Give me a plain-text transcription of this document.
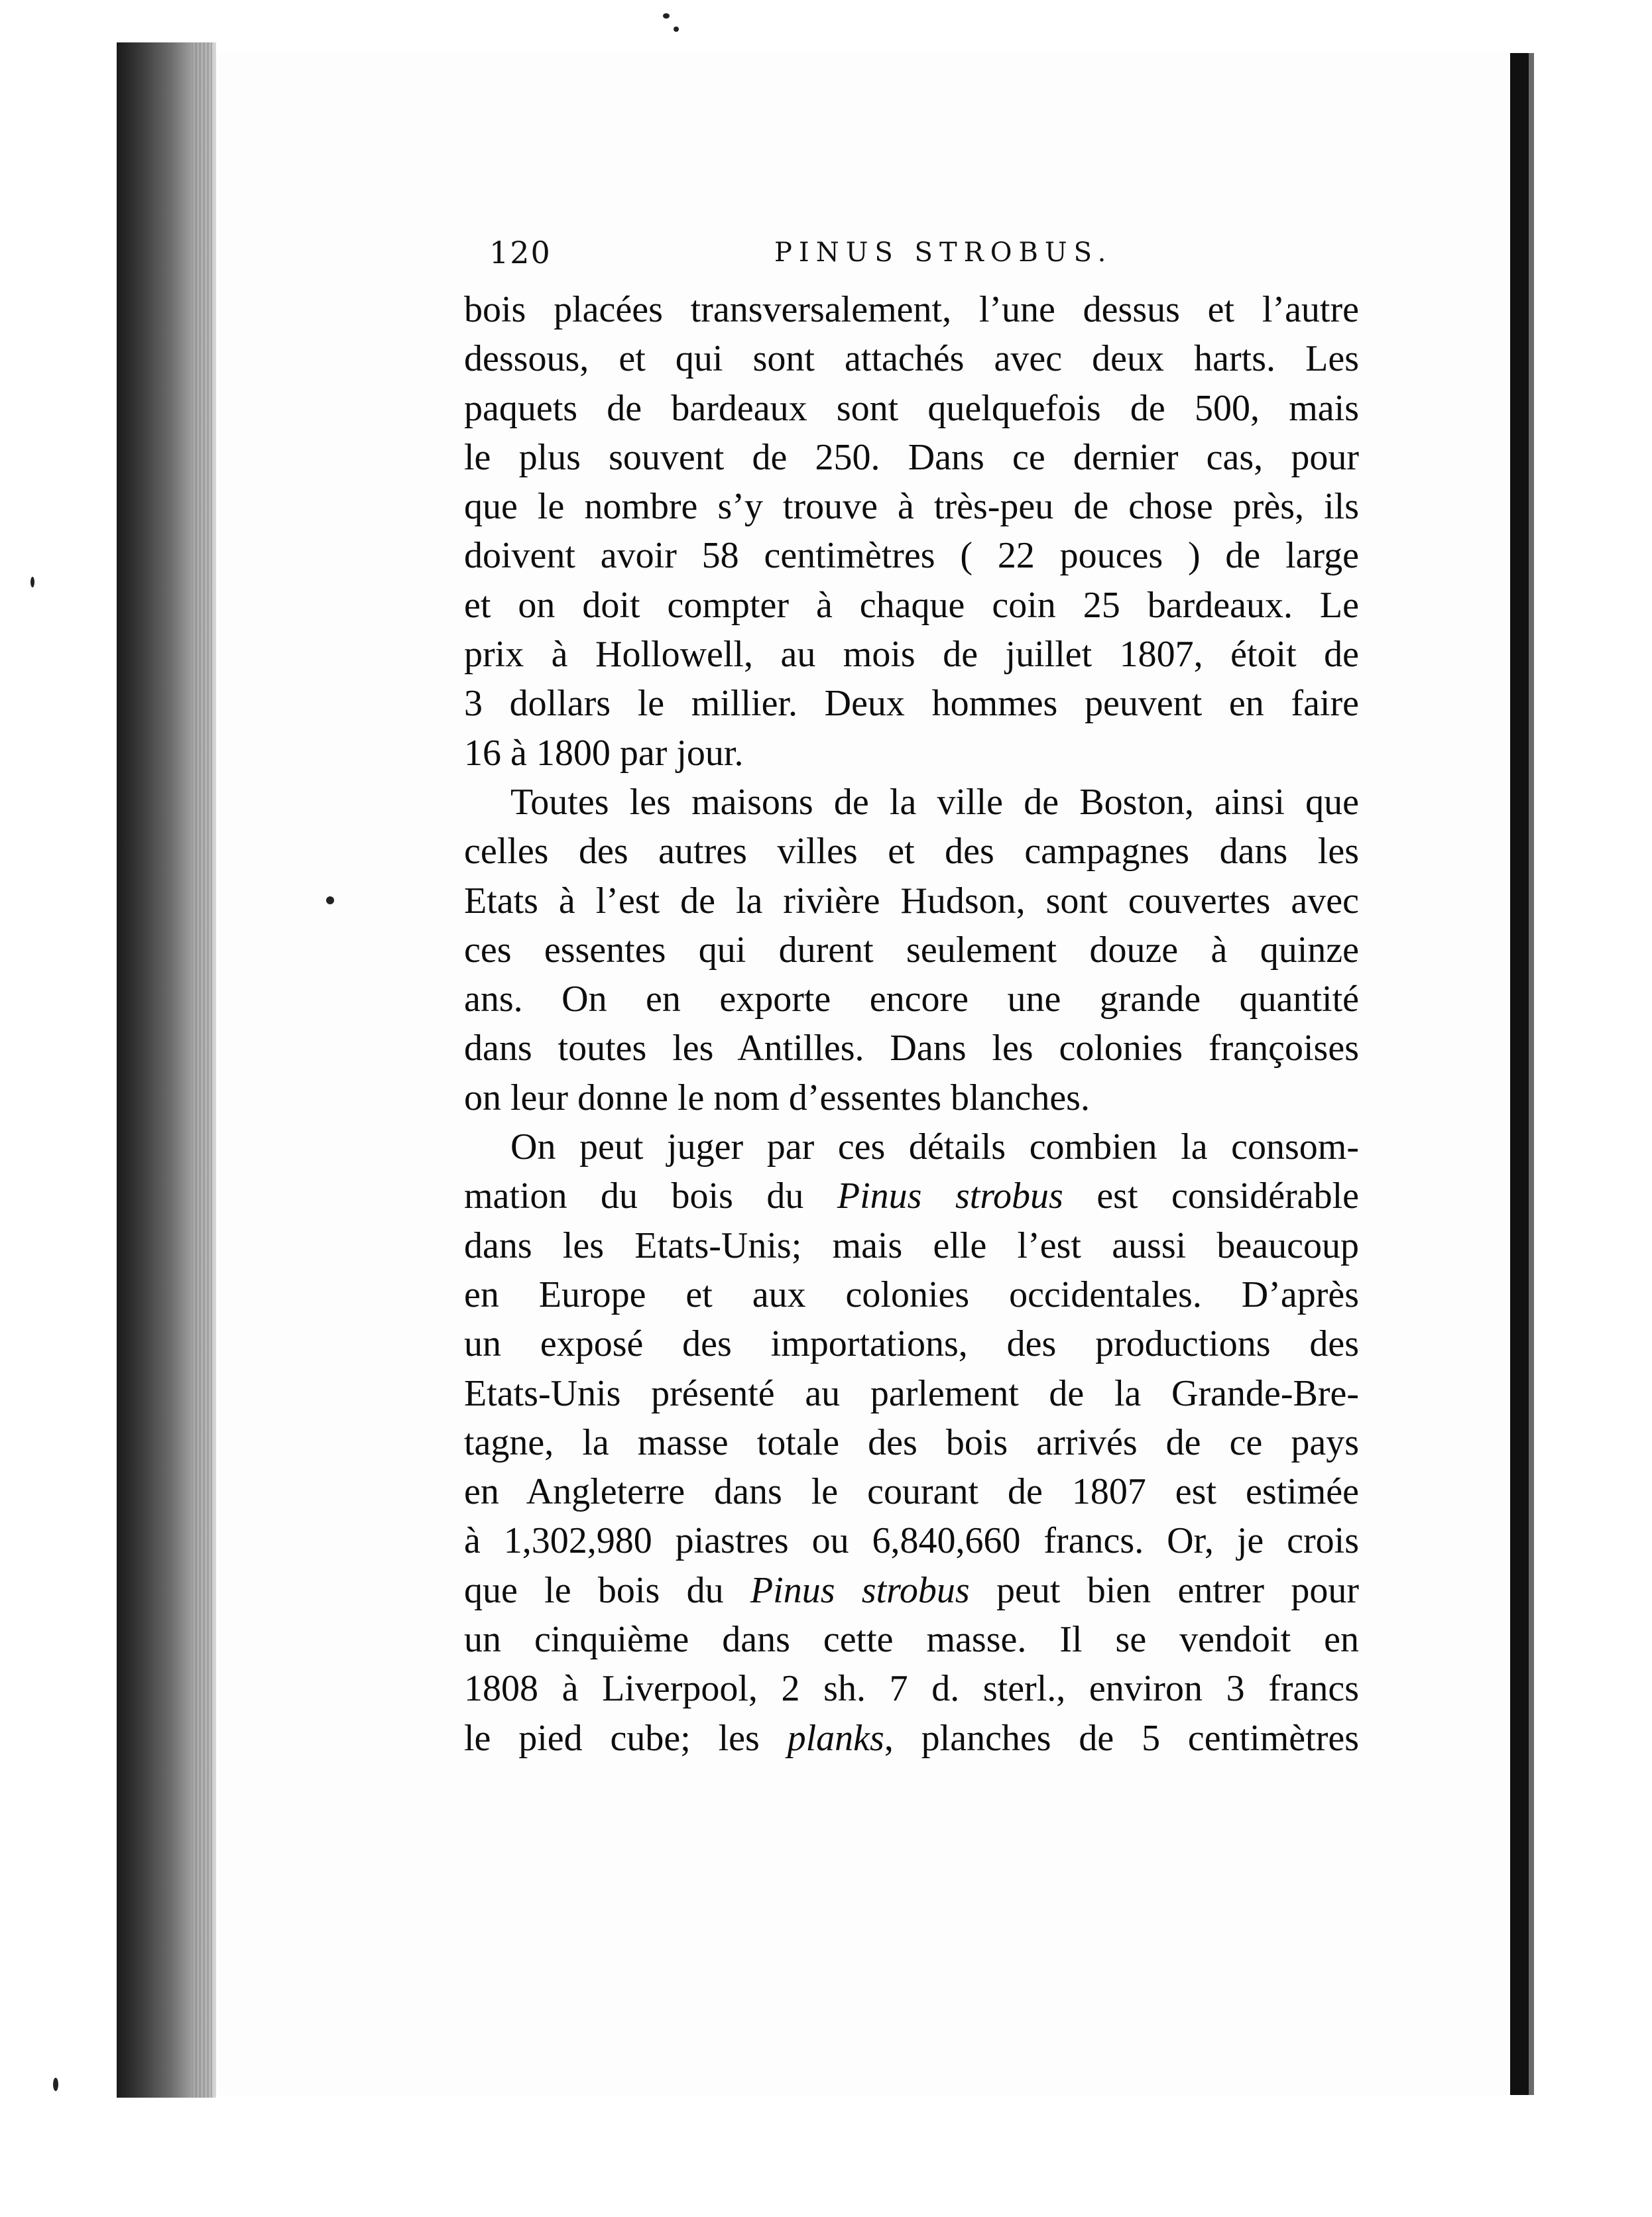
120	PINUS STROBUS.
bois placées transversalement, l’une dessus et l’autre
dessous, et qui sont attachés avec deux harts. Les
paquets de bardeaux sont quelquefois de 500, mais
le plus souvent de 250. Dans ce dernier cas, pour
que le nombre s’y trouve à très-peu de chose près, ils
doivent avoir 58 centimètres ( 22 pouces ) de large
et on doit compter à chaque coin 25 bardeaux. Le
prix à Hollowell, au mois de juillet 1807, étoit de
3 dollars le millier. Deux hommes peuvent en faire
16 à 1800 par jour.
Toutes les maisons de la ville de Boston, ainsi que
celles des autres villes et des campagnes dans les
Etats à l’est de la rivière Hudson, sont couvertes avec
ces essentes qui durent seulement douze à quinze
ans. On en exporte encore une grande quantité
dans toutes les Antilles. Dans les colonies françoises
on leur donne le nom d’essentes blanches.
On peut juger par ces détails combien la consom-
mation du bois du Pinus strobus est considérable
dans les Etats-Unis; mais elle l’est aussi beaucoup
en Europe et aux colonies occidentales. D’après
un exposé des importations, des productions des
Etats-Unis présenté au parlement de la Grande-Bre-
tagne, la masse totale des bois arrivés de ce pays
en Angleterre dans le courant de 1807 est estimée
à 1,302,980 piastres ou 6,840,660 francs. Or, je crois
que le bois du Pinus strobus peut bien entrer pour
un cinquième dans cette masse. Il se vendoit en
1808 à Liverpool, 2 sh. 7 d. sterl., environ 3 francs
le pied cube; les planks, planches de 5 centimètres
